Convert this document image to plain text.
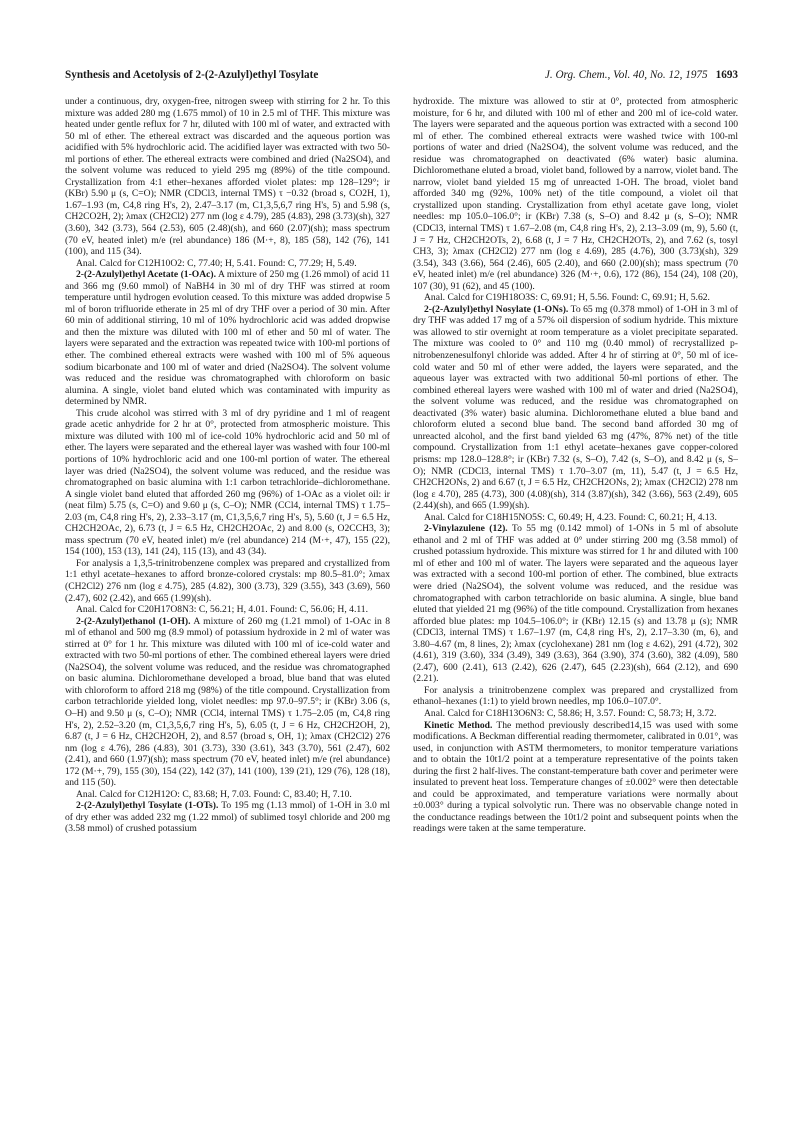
Synthesis and Acetolysis of 2-(2-Azulyl)ethyl Tosylate	J. Org. Chem., Vol. 40, No. 12, 1975 1693

under a continuous, dry, oxygen-free, nitrogen sweep with stirring for 2 hr. To this mixture was added 280 mg (1.675 mmol) of 10 in 2.5 ml of THF. This mixture was heated under gentle reflux for 7 hr, diluted with 100 ml of water, and extracted with 50 ml of ether. The ethereal extract was discarded and the aqueous portion was acidified with 5% hydrochloric acid. The acidified layer was extracted with two 50-ml portions of ether. The ethereal extracts were combined and dried (Na2SO4), and the solvent volume was reduced to yield 295 mg (89%) of the title compound. Crystallization from 4:1 ether–hexanes afforded violet plates: mp 128–129°; ir (KBr) 5.90 μ (s, C=O); NMR (CDCl3, internal TMS) τ −0.32 (broad s, CO2H, 1), 1.67–1.93 (m, C4,8 ring H's, 2), 2.47–3.17 (m, C1,3,5,6,7 ring H's, 5) and 5.98 (s, CH2CO2H, 2); λmax (CH2Cl2) 277 nm (log ε 4.79), 285 (4.83), 298 (3.73)(sh), 327 (3.60), 342 (3.73), 564 (2.53), 605 (2.48)(sh), and 660 (2.07)(sh); mass spectrum (70 eV, heated inlet) m/e (rel abundance) 186 (M·+, 8), 185 (58), 142 (76), 141 (100), and 115 (34).

Anal. Calcd for C12H10O2: C, 77.40; H, 5.41. Found: C, 77.29; H, 5.49.

2-(2-Azulyl)ethyl Acetate (1-OAc). A mixture of 250 mg (1.26 mmol) of acid 11 and 366 mg (9.60 mmol) of NaBH4 in 30 ml of dry THF was stirred at room temperature until hydrogen evolution ceased. To this mixture was added dropwise 5 ml of boron trifluoride etherate in 25 ml of dry THF over a period of 30 min. After 60 min of additional stirring, 10 ml of 10% hydrochloric acid was added dropwise and then the mixture was diluted with 100 ml of ether and 50 ml of water. The layers were separated and the extraction was repeated twice with 100-ml portions of ether. The combined ethereal extracts were washed with 100 ml of 5% aqueous sodium bicarbonate and 100 ml of water and dried (Na2SO4). The solvent volume was reduced and the residue was chromatographed with chloroform on basic alumina. A single, violet band eluted which was contaminated with impurity as determined by NMR.

This crude alcohol was stirred with 3 ml of dry pyridine and 1 ml of reagent grade acetic anhydride for 2 hr at 0°, protected from atmospheric moisture. This mixture was diluted with 100 ml of ice-cold 10% hydrochloric acid and 50 ml of ether. The layers were separated and the ethereal layer was washed with four 100-ml portions of 10% hydrochloric acid and one 100-ml portion of water. The ethereal layer was dried (Na2SO4), the solvent volume was reduced, and the residue was chromatographed on basic alumina with 1:1 carbon tetrachloride–dichloromethane. A single violet band eluted that afforded 260 mg (96%) of 1-OAc as a violet oil: ir (neat film) 5.75 (s, C=O) and 9.60 μ (s, C–O); NMR (CCl4, internal TMS) τ 1.75–2.03 (m, C4,8 ring H's, 2), 2.33–3.17 (m, C1,3,5,6,7 ring H's, 5), 5.60 (t, J = 6.5 Hz, CH2CH2OAc, 2), 6.73 (t, J = 6.5 Hz, CH2CH2OAc, 2) and 8.00 (s, O2CCH3, 3); mass spectrum (70 eV, heated inlet) m/e (rel abundance) 214 (M·+, 47), 155 (22), 154 (100), 153 (13), 141 (24), 115 (13), and 43 (34).

For analysis a 1,3,5-trinitrobenzene complex was prepared and crystallized from 1:1 ethyl acetate–hexanes to afford bronze-colored crystals: mp 80.5–81.0°; λmax (CH2Cl2) 276 nm (log ε 4.75), 285 (4.82), 300 (3.73), 329 (3.55), 343 (3.69), 560 (2.47), 602 (2.42), and 665 (1.99)(sh).

Anal. Calcd for C20H17O8N3: C, 56.21; H, 4.01. Found: C, 56.06; H, 4.11.

2-(2-Azulyl)ethanol (1-OH). A mixture of 260 mg (1.21 mmol) of 1-OAc in 8 ml of ethanol and 500 mg (8.9 mmol) of potassium hydroxide in 2 ml of water was stirred at 0° for 1 hr. This mixture was diluted with 100 ml of ice-cold water and extracted with two 50-ml portions of ether. The combined ethereal layers were dried (Na2SO4), the solvent volume was reduced, and the residue was chromatographed on basic alumina. Dichloromethane developed a broad, blue band that was eluted with chloroform to afford 218 mg (98%) of the title compound. Crystallization from carbon tetrachloride yielded long, violet needles: mp 97.0–97.5°; ir (KBr) 3.06 (s, O–H) and 9.50 μ (s, C–O); NMR (CCl4, internal TMS) τ 1.75–2.05 (m, C4,8 ring H's, 2), 2.52–3.20 (m, C1,3,5,6,7 ring H's, 5), 6.05 (t, J = 6 Hz, CH2CH2OH, 2), 6.87 (t, J = 6 Hz, CH2CH2OH, 2), and 8.57 (broad s, OH, 1); λmax (CH2Cl2) 276 nm (log ε 4.76), 286 (4.83), 301 (3.73), 330 (3.61), 343 (3.70), 561 (2.47), 602 (2.41), and 660 (1.97)(sh); mass spectrum (70 eV, heated inlet) m/e (rel abundance) 172 (M·+, 79), 155 (30), 154 (22), 142 (37), 141 (100), 139 (21), 129 (76), 128 (18), and 115 (50).

Anal. Calcd for C12H12O: C, 83.68; H, 7.03. Found: C, 83.40; H, 7.10.

2-(2-Azulyl)ethyl Tosylate (1-OTs). To 195 mg (1.13 mmol) of 1-OH in 3.0 ml of dry ether was added 232 mg (1.22 mmol) of sublimed tosyl chloride and 200 mg (3.58 mmol) of crushed potassium

hydroxide. The mixture was allowed to stir at 0°, protected from atmospheric moisture, for 6 hr, and diluted with 100 ml of ether and 200 ml of ice-cold water. The layers were separated and the aqueous portion was extracted with a second 100 ml of ether. The combined ethereal extracts were washed twice with 100-ml portions of water and dried (Na2SO4), the solvent volume was reduced, and the residue was chromatographed on deactivated (6% water) basic alumina. Dichloromethane eluted a broad, violet band, followed by a narrow, violet band. The narrow, violet band yielded 15 mg of unreacted 1-OH. The broad, violet band afforded 340 mg (92%, 100% net) of the title compound, a violet oil that crystallized upon standing. Crystallization from ethyl acetate gave long, violet needles: mp 105.0–106.0°; ir (KBr) 7.38 (s, S–O) and 8.42 μ (s, S–O); NMR (CDCl3, internal TMS) τ 1.67–2.08 (m, C4,8 ring H's, 2), 2.13–3.09 (m, 9), 5.60 (t, J = 7 Hz, CH2CH2OTs, 2), 6.68 (t, J = 7 Hz, CH2CH2OTs, 2), and 7.62 (s, tosyl CH3, 3); λmax (CH2Cl2) 277 nm (log ε 4.69), 285 (4.76), 300 (3.73)(sh), 329 (3.54), 343 (3.66), 564 (2.46), 605 (2.40), and 660 (2.00)(sh); mass spectrum (70 eV, heated inlet) m/e (rel abundance) 326 (M·+, 0.6), 172 (86), 154 (24), 108 (20), 107 (30), 91 (62), and 45 (100).

Anal. Calcd for C19H18O3S: C, 69.91; H, 5.56. Found: C, 69.91; H, 5.62.

2-(2-Azulyl)ethyl Nosylate (1-ONs). To 65 mg (0.378 mmol) of 1-OH in 3 ml of dry THF was added 17 mg of a 57% oil dispersion of sodium hydride. This mixture was allowed to stir overnight at room temperature as a violet precipitate separated. The mixture was cooled to 0° and 110 mg (0.40 mmol) of recrystallized p-nitrobenzenesulfonyl chloride was added. After 4 hr of stirring at 0°, 50 ml of ice-cold water and 50 ml of ether were added, the layers were separated, and the aqueous layer was extracted with two additional 50-ml portions of ether. The combined ethereal layers were washed with 100 ml of water and dried (Na2SO4), the solvent volume was reduced, and the residue was chromatographed on deactivated (3% water) basic alumina. Dichloromethane eluted a blue band and chloroform eluted a second blue band. The second band afforded 30 mg of unreacted alcohol, and the first band yielded 63 mg (47%, 87% net) of the title compound. Crystallization from 1:1 ethyl acetate–hexanes gave copper-colored prisms: mp 128.0–128.8°; ir (KBr) 7.32 (s, S–O), 7.42 (s, S–O), and 8.42 μ (s, S–O); NMR (CDCl3, internal TMS) τ 1.70–3.07 (m, 11), 5.47 (t, J = 6.5 Hz, CH2CH2ONs, 2) and 6.67 (t, J = 6.5 Hz, CH2CH2ONs, 2); λmax (CH2Cl2) 278 nm (log ε 4.70), 285 (4.73), 300 (4.08)(sh), 314 (3.87)(sh), 342 (3.66), 563 (2.49), 605 (2.44)(sh), and 665 (1.99)(sh).

Anal. Calcd for C18H15NO5S: C, 60.49; H, 4.23. Found: C, 60.21; H, 4.13.

2-Vinylazulene (12). To 55 mg (0.142 mmol) of 1-ONs in 5 ml of absolute ethanol and 2 ml of THF was added at 0° under stirring 200 mg (3.58 mmol) of crushed potassium hydroxide. This mixture was stirred for 1 hr and diluted with 100 ml of ether and 100 ml of water. The layers were separated and the aqueous layer was extracted with a second 100-ml portion of ether. The combined, blue extracts were dried (Na2SO4), the solvent volume was reduced, and the residue was chromatographed with carbon tetrachloride on basic alumina. A single, blue band eluted that yielded 21 mg (96%) of the title compound. Crystallization from hexanes afforded blue plates: mp 104.5–106.0°; ir (KBr) 12.15 (s) and 13.78 μ (s); NMR (CDCl3, internal TMS) τ 1.67–1.97 (m, C4,8 ring H's, 2), 2.17–3.30 (m, 6), and 3.80–4.67 (m, 8 lines, 2); λmax (cyclohexane) 281 nm (log ε 4.62), 291 (4.72), 302 (4.61), 319 (3.60), 334 (3.49), 349 (3.63), 364 (3.90), 374 (3.60), 382 (4.09), 580 (2.47), 600 (2.41), 613 (2.42), 626 (2.47), 645 (2.23)(sh), 664 (2.12), and 690 (2.21).

For analysis a trinitrobenzene complex was prepared and crystallized from ethanol–hexanes (1:1) to yield brown needles, mp 106.0–107.0°.

Anal. Calcd for C18H13O6N3: C, 58.86; H, 3.57. Found: C, 58.73; H, 3.72.

Kinetic Method. The method previously described14,15 was used with some modifications. A Beckman differential reading thermometer, calibrated in 0.01°, was used, in conjunction with ASTM thermometers, to monitor temperature variations and to obtain the 10t1/2 point at a temperature representative of the points taken during the first 2 half-lives. The constant-temperature bath cover and perimeter were insulated to prevent heat loss. Temperature changes of ±0.002° were then detectable and could be approximated, and temperature variations were normally about ±0.003° during a typical solvolytic run. There was no observable change noted in the conductance readings between the 10t1/2 point and subsequent points when the readings were taken at the same temperature.
